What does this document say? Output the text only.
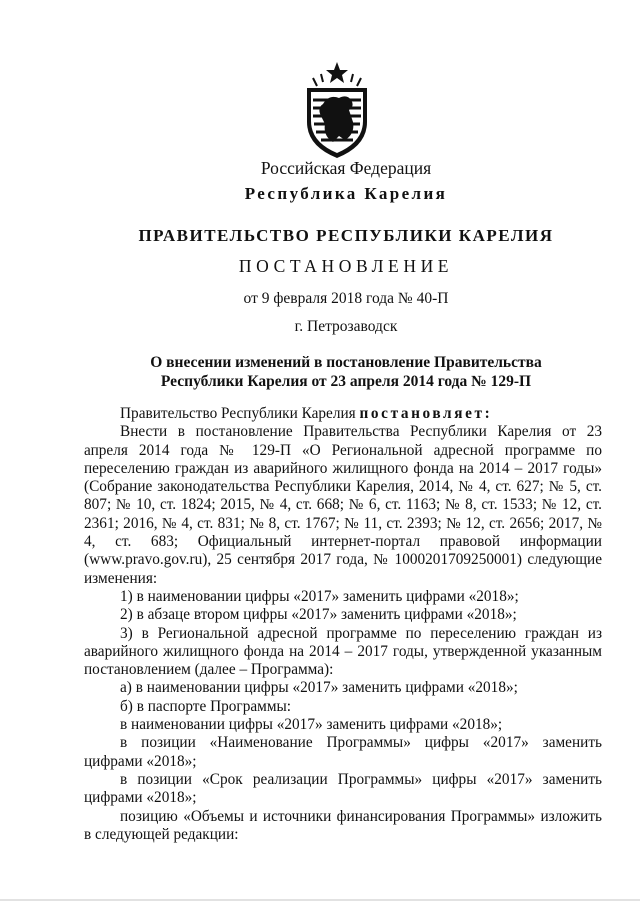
Российская Федерация
Республика Карелия
ПРАВИТЕЛЬСТВО РЕСПУБЛИКИ КАРЕЛИЯ
ПОСТАНОВЛЕНИЕ
от 9 февраля 2018 года № 40-П
г. Петрозаводск
О внесении изменений в постановление Правительства
Республики Карелия от 23 апреля 2014 года № 129-П

Правительство Республики Карелия постановляет:

Внести в постановление Правительства Республики Карелия от 23 апреля 2014 года № 129-П «О Региональной адресной программе по переселению граждан из аварийного жилищного фонда на 2014 – 2017 годы» (Собрание законодательства Республики Карелия, 2014, № 4, ст. 627; № 5, ст. 807; № 10, ст. 1824; 2015, № 4, ст. 668; № 6, ст. 1163; № 8, ст. 1533; № 12, ст. 2361; 2016, № 4, ст. 831; № 8, ст. 1767; № 11, ст. 2393; № 12, ст. 2656; 2017, № 4, ст. 683; Официальный интернет-портал правовой информации (www.pravo.gov.ru), 25 сентября 2017 года, № 1000201709250001) следующие изменения:

1) в наименовании цифры «2017» заменить цифрами «2018»;

2) в абзаце втором цифры «2017» заменить цифрами «2018»;

3) в Региональной адресной программе по переселению граждан из аварийного жилищного фонда на 2014 – 2017 годы, утвержденной указанным постановлением (далее – Программа):

а) в наименовании цифры «2017» заменить цифрами «2018»;

б) в паспорте Программы:

в наименовании цифры «2017» заменить цифрами «2018»;

в позиции «Наименование Программы» цифры «2017» заменить цифрами «2018»;

в позиции «Срок реализации Программы» цифры «2017» заменить цифрами «2018»;

позицию «Объемы и источники финансирования Программы» изложить в следующей редакции:
